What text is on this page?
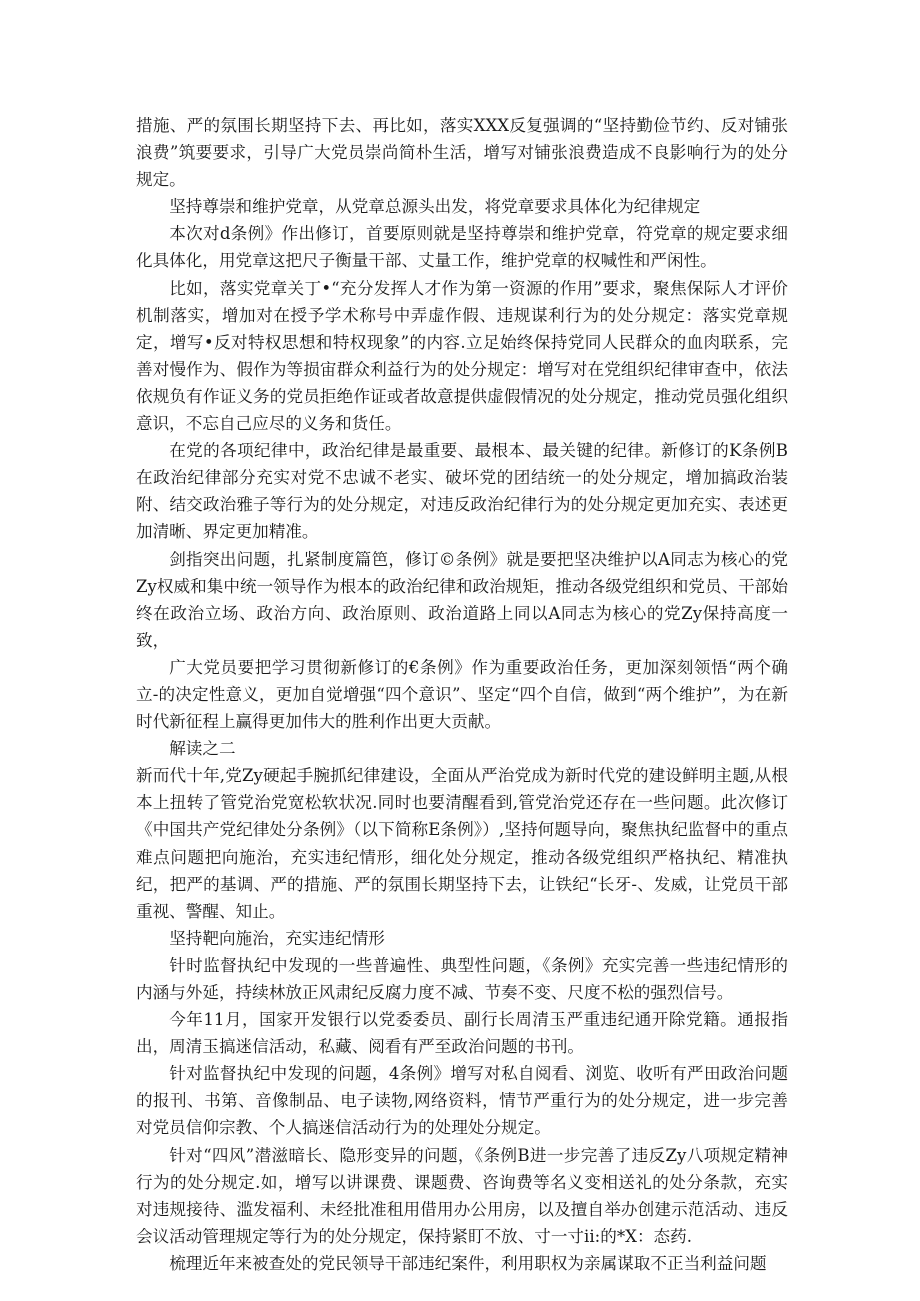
措施、严的氛围长期坚持下去、再比如，落实XXX反复强调的“坚持勤俭节约、反对铺张浪费”筑要要求，引导广大党员崇尚简朴生活，增写对铺张浪费造成不良影响行为的处分规定。

坚持尊崇和维护党章，从党章总源头出发，将党章要求具体化为纪律规定

本次对d条例》作出修订，首要原则就是坚持尊崇和维护党章，符党章的规定要求细化具体化，用党章这把尺子衡量干部、丈量工作，维护党章的权喊性和严闲性。

比如，落实党章关丁•“充分发挥人才作为第一资源的作用”要求，聚焦保际人才评价机制落实，增加对在授予学术称号中弄虚作假、违规谋利行为的处分规定：落实党章规定，增写•反对特权思想和特权现象”的内容.立足始终保持党同人民群众的血肉联系，完善对慢作为、假作为等损宙群众利益行为的处分规定：增写对在党组织纪律审查中，依法依规负有作证义务的党员拒绝作证或者故意提供虚假情况的处分规定，推动党员强化组织意识，不忘自己应尽的义务和货任。

在党的各项纪律中，政治纪律是最重要、最根本、最关键的纪律。新修订的K条例B在政治纪律部分充实对党不忠诚不老实、破坏党的团结统一的处分规定，增加搞政治装附、结交政治雅子等行为的处分规定，对违反政治纪律行为的处分规定更加充实、表述更加清晰、界定更加精准。

剑指突出问题，扎紧制度篇笆，修订©条例》就是要把坚决维护以A同志为核心的党Zy权威和集中统一领导作为根本的政治纪律和政治规矩，推动各级党组织和党员、干部始终在政治立场、政治方向、政治原则、政治道路上同以A同志为核心的党Zy保持高度一致，

广大党员要把学习贯彻新修订的€条例》作为重要政治任务，更加深刻领悟“两个确立-的决定性意义，更加自觉增强“四个意识”、坚定“四个自信，做到“两个维护”，为在新时代新征程上赢得更加伟大的胜利作出更大贡献。

解读之二

新而代十年,党Zy硬起手腕抓纪律建设，全面从严治党成为新时代党的建设鲜明主题,从根本上扭转了管党治党宽松软状况.同时也要清醒看到,管党治党还存在一些问题。此次修订《中国共产党纪律处分条例》（以下简称E条例》）,坚持何题导向，聚焦执纪监督中的重点难点问题把向施治，充实违纪情形，细化处分规定，推动各级党组织严格执纪、精准执纪，把严的基调、严的措施、严的氛围长期坚持下去，让铁纪“长牙-、发威，让党员干部重视、警醒、知止。

坚持靶向施治，充实违纪情形

针时监督执纪中发现的一些普遍性、典型性问题，《条例》充实完善一些违纪情形的内涵与外延，持续林放正风肃纪反腐力度不减、节奏不变、尺度不松的强烈信号。

今年11月，国家开发银行以党委委员、副行长周清玉严重违纪通开除党籍。通报指出，周清玉搞迷信活动，私藏、阅看有严至政治问题的书刊。

针对监督执纪中发现的问题，4条例》增写对私自阅看、浏览、收听有严田政治问题的报刊、书第、音像制品、电子读物,网络资料，情节严重行为的处分规定，进一步完善对党员信仰宗教、个人搞迷信活动行为的处理处分规定。

针对“四风”潜滋暗长、隐形变异的问题，《条例B进一步完善了违反Zy八项规定精神行为的处分规定.如，增写以讲课费、课题费、咨询费等名义变相送礼的处分条款，充实对违规接待、滥发福利、未经批准租用借用办公用房，以及擅自举办创建示范活动、违反会议活动管理规定等行为的处分规定，保持紧盯不放、寸一寸ii:的*X：态药.

梳理近年来被查处的党民领导干部违纪案件，利用职权为亲属谋取不正当利益问题
